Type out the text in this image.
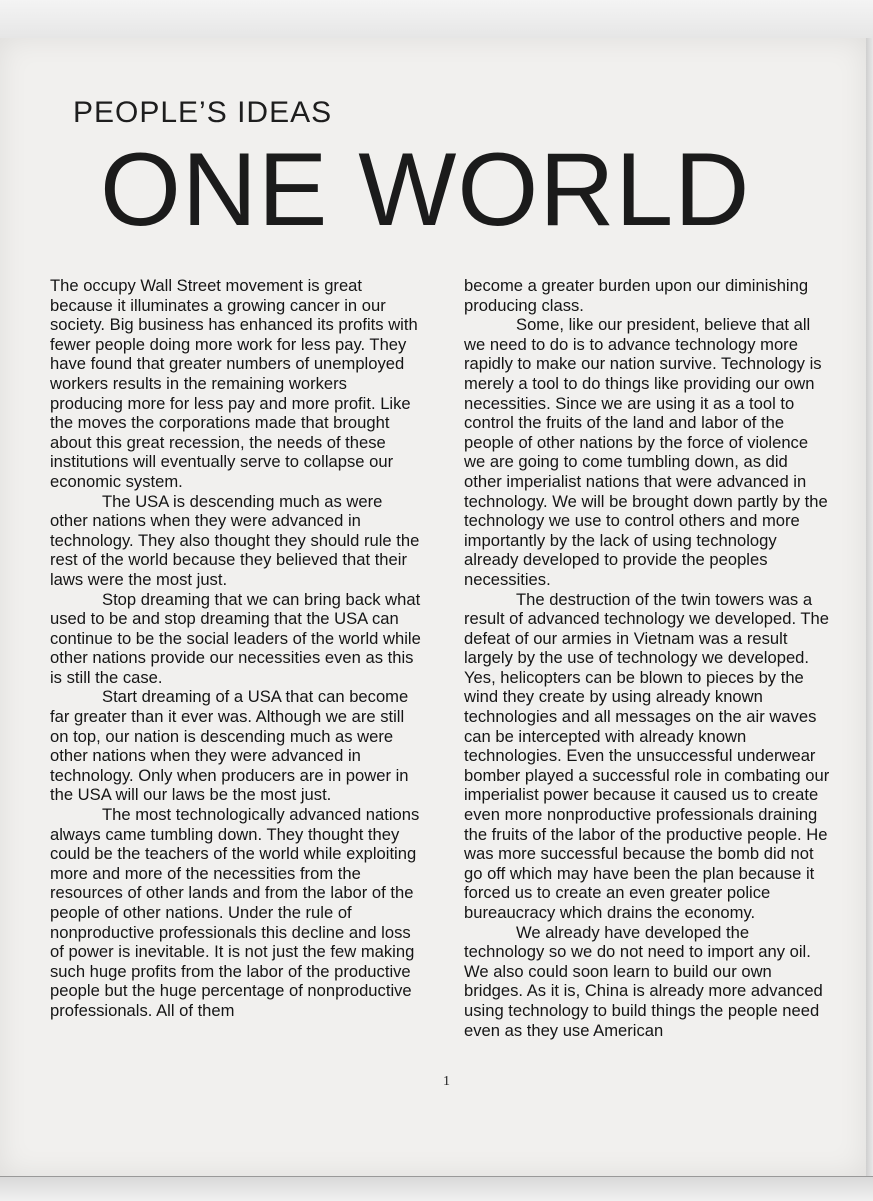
PEOPLE’S IDEAS
ONE WORLD

The occupy Wall Street movement is great because it illuminates a growing cancer in our society. Big business has enhanced its profits with fewer people doing more work for less pay. They have found that greater numbers of unemployed workers results in the remaining workers producing more for less pay and more profit. Like the moves the corporations made that brought about this great recession, the needs of these institutions will eventually serve to collapse our economic system.

The USA is descending much as were other nations when they were advanced in technology. They also thought they should rule the rest of the world because they believed that their laws were the most just.

Stop dreaming that we can bring back what used to be and stop dreaming that the USA can continue to be the social leaders of the world while other nations provide our necessities even as this is still the case.

Start dreaming of a USA that can become far greater than it ever was. Although we are still on top, our nation is descending much as were other nations when they were advanced in technology. Only when producers are in power in the USA will our laws be the most just.

The most technologically advanced nations always came tumbling down. They thought they could be the teachers of the world while exploiting more and more of the necessities from the resources of other lands and from the labor of the people of other nations. Under the rule of nonproductive professionals this decline and loss of power is inevitable. It is not just the few making such huge profits from the labor of the productive people but the huge percentage of nonproductive professionals. All of them

become a greater burden upon our diminishing producing class.

Some, like our president, believe that all we need to do is to advance technology more rapidly to make our nation survive. Technology is merely a tool to do things like providing our own necessities. Since we are using it as a tool to control the fruits of the land and labor of the people of other nations by the force of violence we are going to come tumbling down, as did other imperialist nations that were advanced in technology. We will be brought down partly by the technology we use to control others and more importantly by the lack of using technology already developed to provide the peoples necessities.

The destruction of the twin towers was a result of advanced technology we developed. The defeat of our armies in Vietnam was a result largely by the use of technology we developed. Yes, helicopters can be blown to pieces by the wind they create by using already known technologies and all messages on the air waves can be intercepted with already known technologies. Even the unsuccessful underwear bomber played a successful role in combating our imperialist power because it caused us to create even more nonproductive professionals draining the fruits of the labor of the productive people. He was more successful because the bomb did not go off which may have been the plan because it forced us to create an even greater police bureaucracy which drains the economy.

We already have developed the technology so we do not need to import any oil. We also could soon learn to build our own bridges. As it is, China is already more advanced using technology to build things the people need even as they use American

1
